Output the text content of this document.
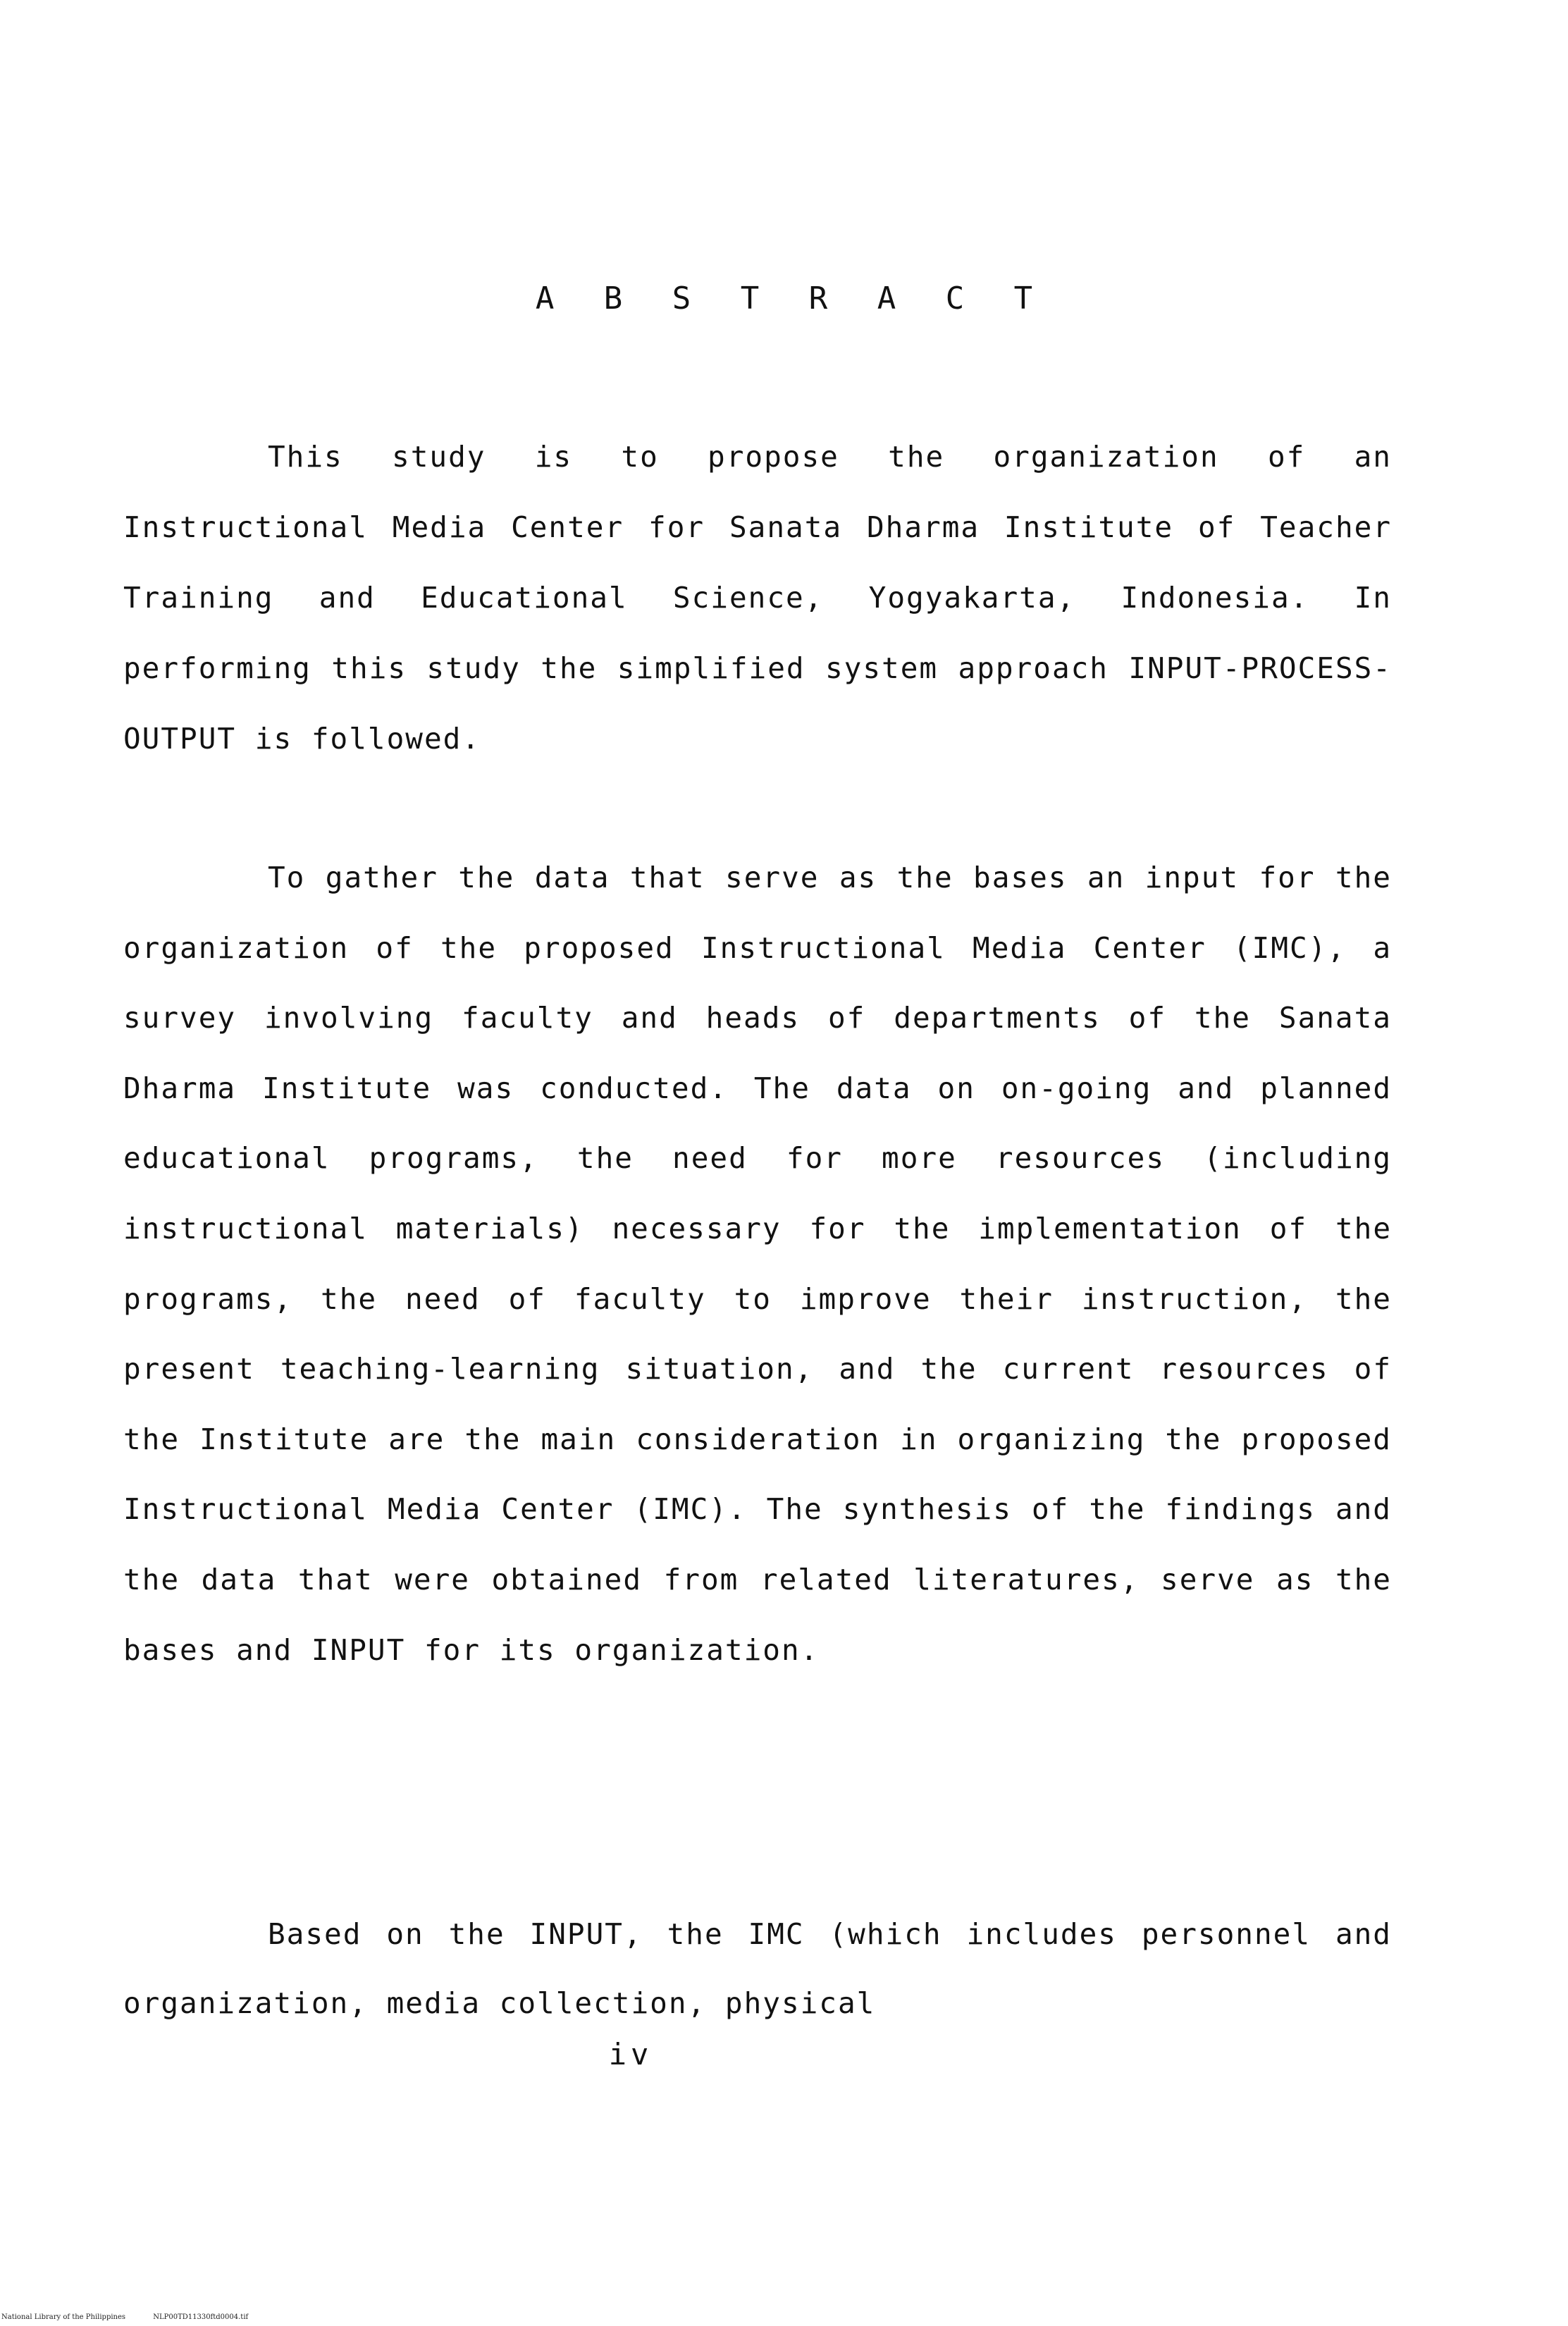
A B S T R A C T
This study is to propose the organization of an Instructional Media Center for Sanata Dharma Institute of Teacher Training and Educational Science, Yogyakarta, Indonesia. In performing this study the simplified system approach INPUT-PROCESS-OUTPUT is followed.
To gather the data that serve as the bases an input for the organization of the proposed Instructional Media Center (IMC), a survey involving faculty and heads of departments of the Sanata Dharma Institute was conducted. The data on on-going and planned educational programs, the need for more resources (including instructional materials) necessary for the implementation of the programs, the need of faculty to improve their instruction, the present teaching-learning situation, and the current resources of the Institute are the main consideration in organizing the proposed Instructional Media Center (IMC). The synthesis of the findings and the data that were obtained from related literatures, serve as the bases and INPUT for its organization.
Based on the INPUT, the IMC (which includes personnel and organization, media collection, physical
iv
National Library of the Philippines	NLP00TD11330ftd0004.tif
